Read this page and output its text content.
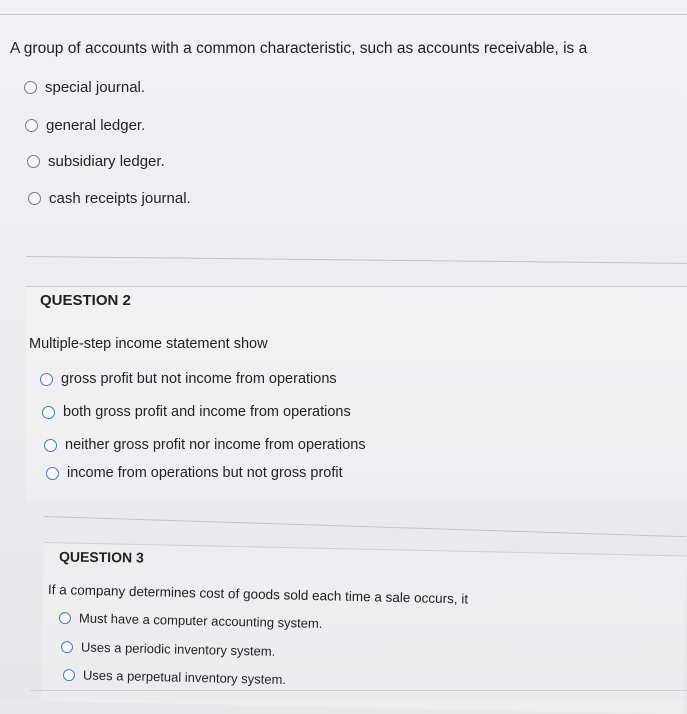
A group of accounts with a common characteristic, such as accounts receivable, is a
special journal.
general ledger.
subsidiary ledger.
cash receipts journal.
QUESTION 2
Multiple-step income statement show
gross profit but not income from operations
both gross profit and income from operations
neither gross profit nor income from operations
income from operations but not gross profit
QUESTION 3
If a company determines cost of goods sold each time a sale occurs, it
Must have a computer accounting system.
Uses a periodic inventory system.
Uses a perpetual inventory system.
